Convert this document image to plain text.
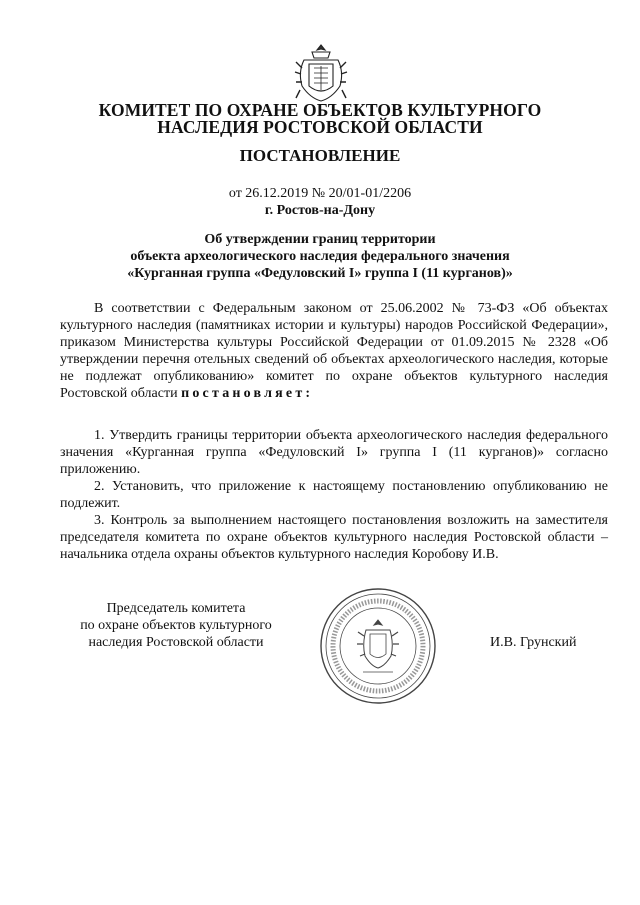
КОМИТЕТ ПО ОХРАНЕ ОБЪЕКТОВ КУЛЬТУРНОГО
НАСЛЕДИЯ РОСТОВСКОЙ ОБЛАСТИ
ПОСТАНОВЛЕНИЕ
от 26.12.2019 № 20/01-01/2206
г. Ростов-на-Дону
Об утверждении границ территории
объекта археологического наследия федерального значения
«Курганная группа «Федуловский I» группа I (11 курганов)»

В соответствии с Федеральным законом от 25.06.2002 № 73-ФЗ «Об объектах культурного наследия (памятниках истории и культуры) народов Российской Федерации», приказом Министерства культуры Российской Федерации от 01.09.2015 № 2328 «Об утверждении перечня отельных сведений об объектах археологического наследия, которые не подлежат опубликованию» комитет по охране объектов культурного наследия Ростовской области постановляет:

1. Утвердить границы территории объекта археологического наследия федерального значения «Курганная группа «Федуловский I» группа I (11 курганов)» согласно приложению.

2. Установить, что приложение к настоящему постановлению опубликованию не подлежит.

3. Контроль за выполнением настоящего постановления возложить на заместителя председателя комитета по охране объектов культурного наследия Ростовской области – начальника отдела охраны объектов культурного наследия Коробову И.В.

Председатель комитета
по охране объектов культурного
наследия Ростовской области	И.В. Грунский
